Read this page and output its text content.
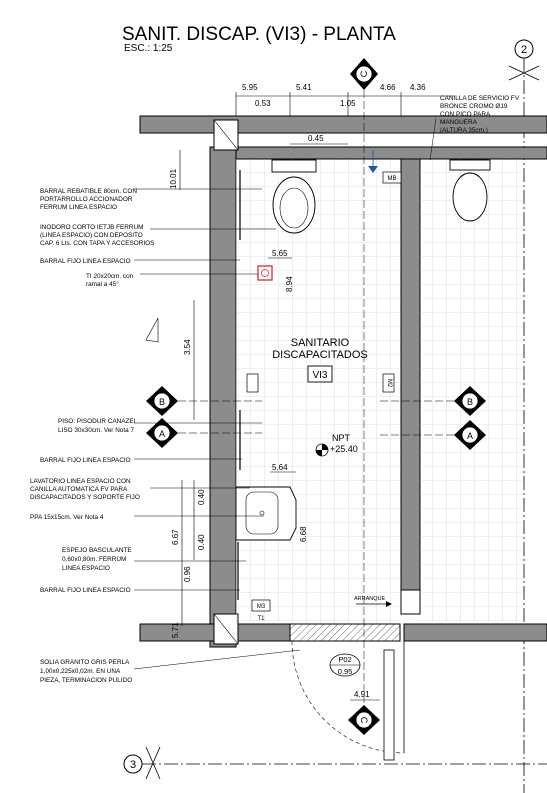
SANIT. DISCAP. (VI3) - PLANTA
ESC.: 1:25	2
3
MB
M2
M3
T1
SANITARIO
DISCAPACITADOS
VI3
NPT
+25.40
B
A
B
A
C
C
P02
0.95
ARRANQUE
5.95	5.41	4.66 4.36
0.53	1.05
0.45
10.01
3.54
6.67
0.40
0.40
0.96
5.71
5.65
8.94
5.64
6.68
4.91
BARRAL REBATIBLE 80cm. CON PORTARROLLO ACCIONADOR FERRUM LINEA ESPACIO
INODORO CORTO IETJB FERRUM (LINEA ESPACIO) CON DEPOSITO CAP. 6 Lts. CON TAPA Y ACCESORIOS
BARRAL FIJO LINEA ESPACIO
TI 20x20cm. con ramal a 45°
PISO: PISODUR CANAZEI LISO 30x30cm. Ver Nota 7
BARRAL FIJO LINEA ESPACIO
LAVATORIO LINEA ESPACIO CON CANILLA AUTOMATICA FV PARA DISCAPACITADOS Y SOPORTE FIJO
PPA 15x15cm. Ver Nota 4
ESPEJO BASCULANTE 0,60x0,80m. FERRUM LINEA ESPACIO
BARRAL FIJO LINEA ESPACIO
SOLIA GRANITO GRIS PERLA 1,00x0,225x0,02m. EN UNA PIEZA, TERMINACION PULIDO
CANILLA DE SERVICIO FV BRONCE CROMO Ø19 CON PICO PARA MANGUERA (ALTURA 35cm.)
